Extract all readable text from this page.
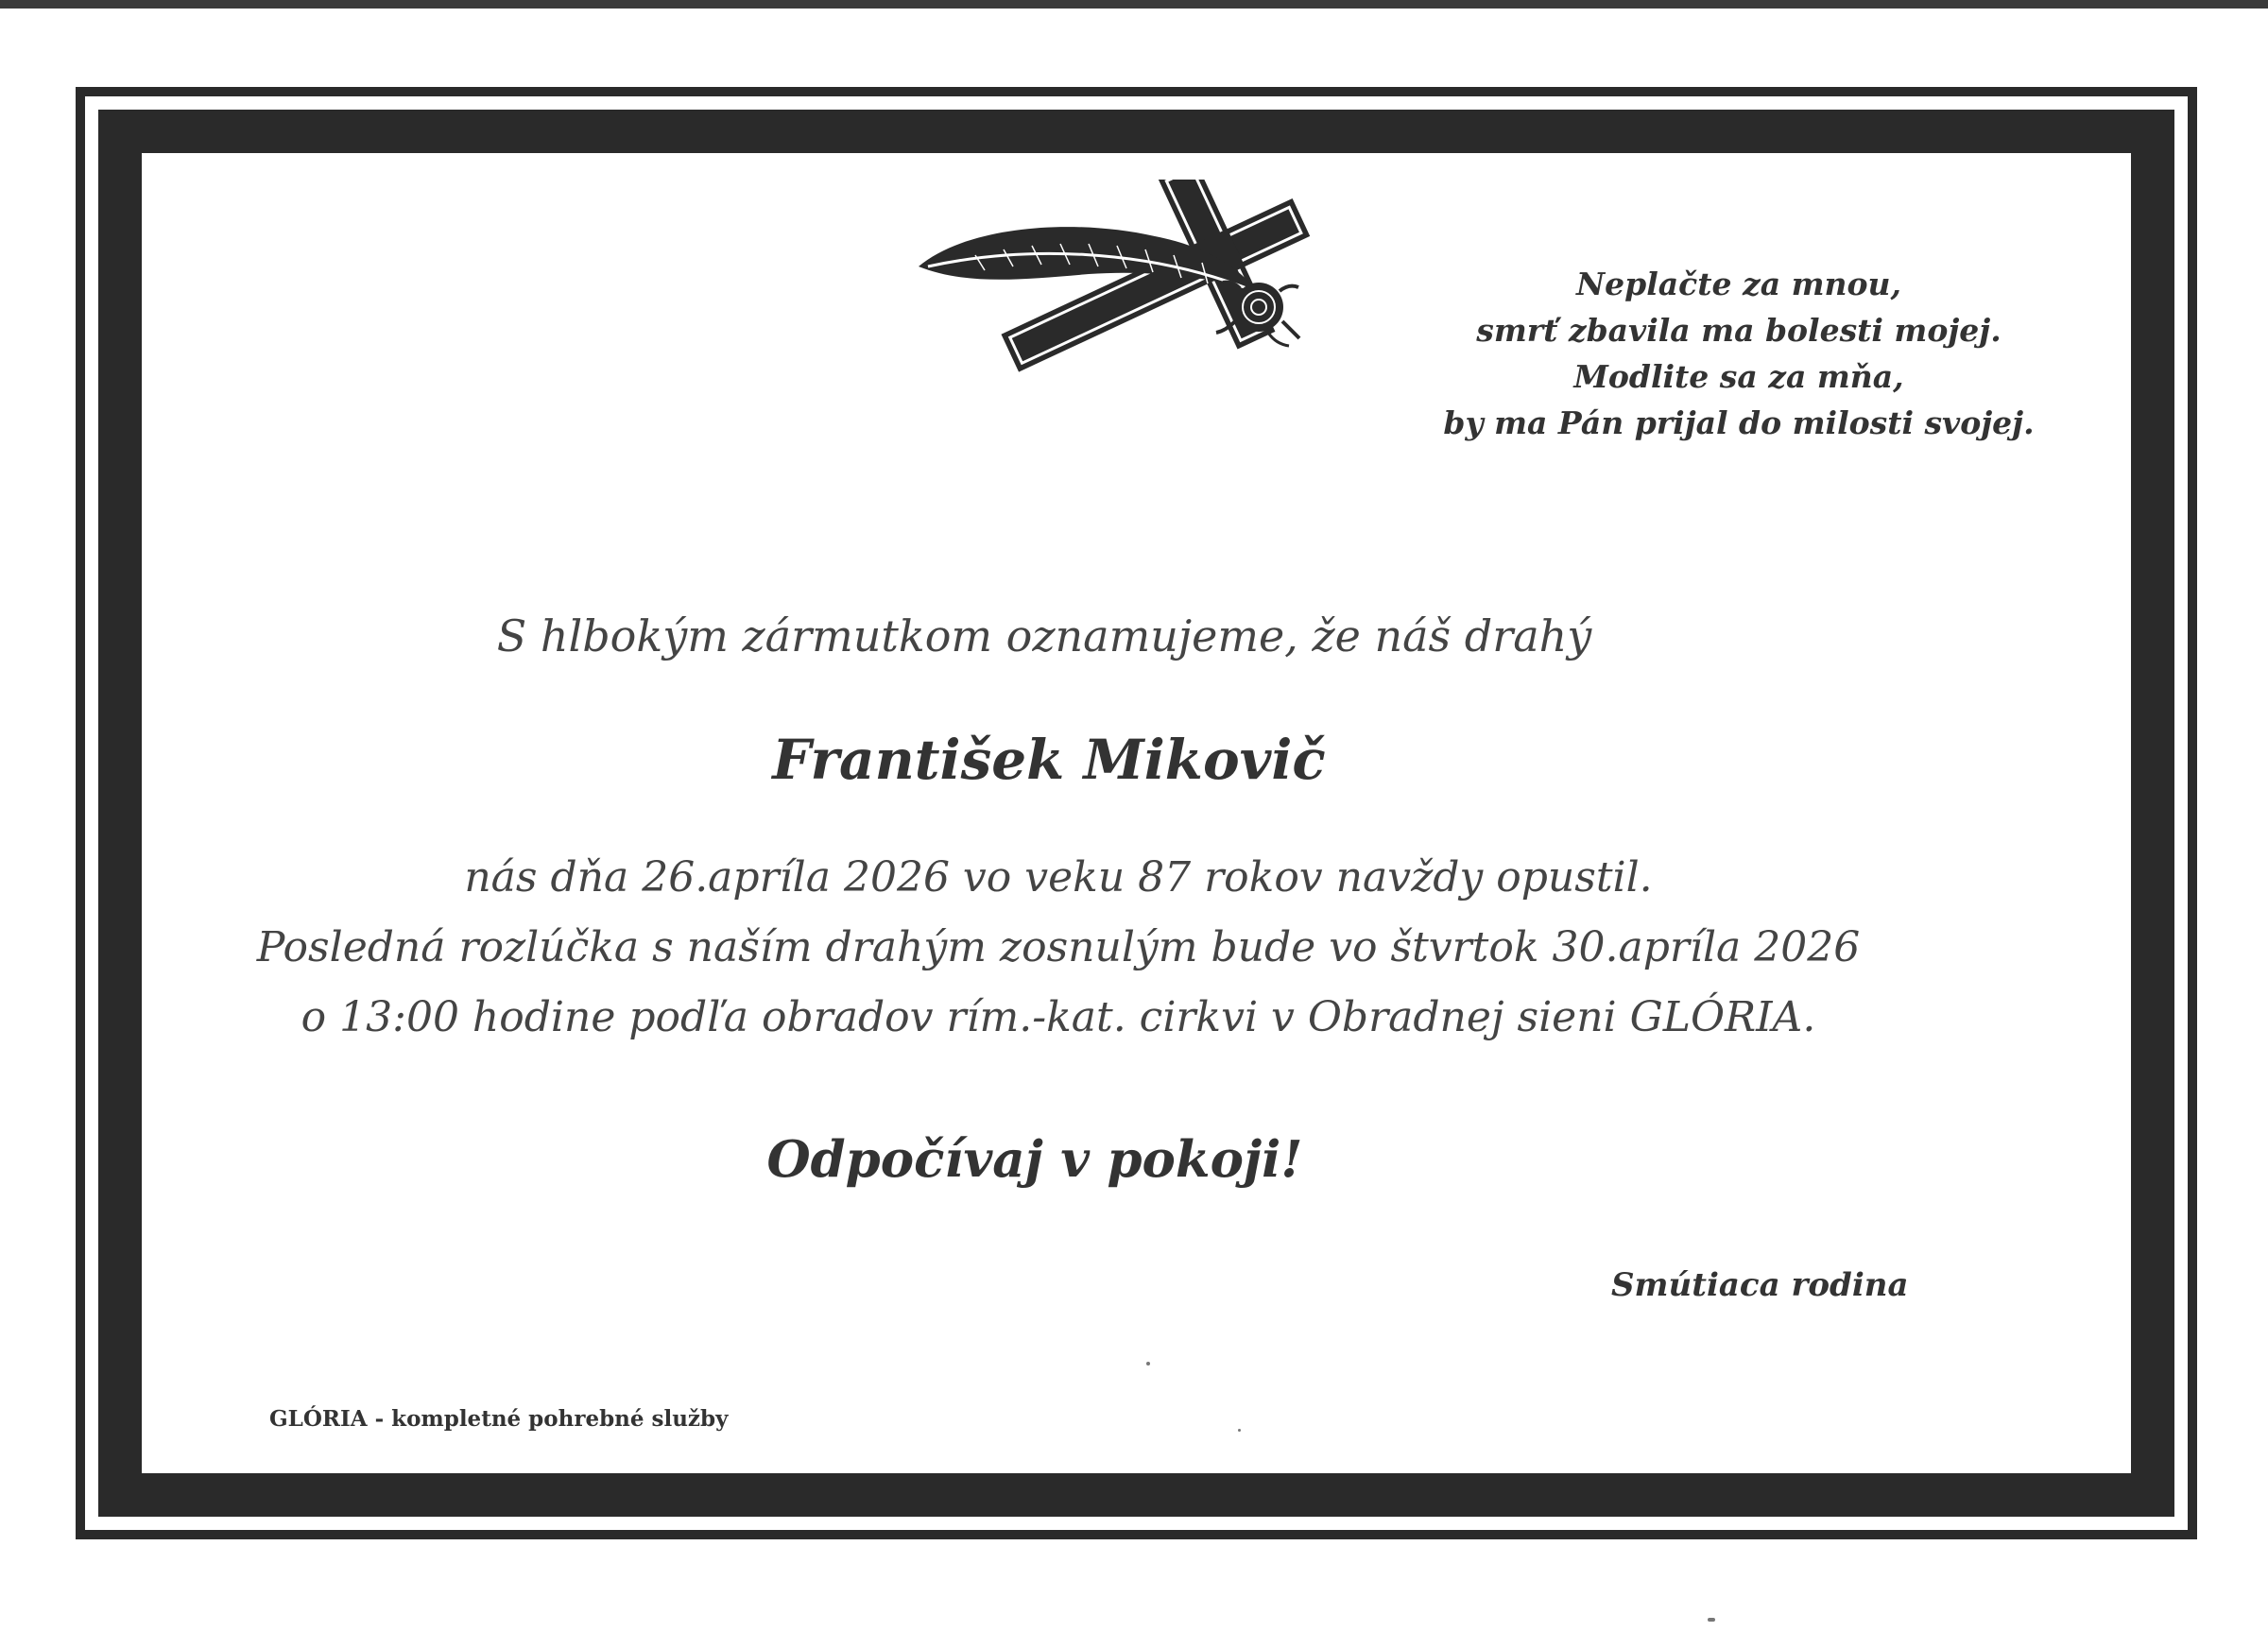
Neplačte za mnou,
smrť zbavila ma bolesti mojej.
Modlite sa za mňa,
by ma Pán prijal do milosti svojej.
S hlbokým zármutkom oznamujeme, že náš drahý
František Mikovič
nás dňa 26.apríla 2026 vo veku 87 rokov navždy opustil.
Posledná rozlúčka s naším drahým zosnulým bude vo štvrtok 30.apríla 2026
o 13:00 hodine podľa obradov rím.-kat. cirkvi v Obradnej sieni GLÓRIA.
Odpočívaj v pokoji!
Smútiaca rodina
GLÓRIA - kompletné pohrebné služby
